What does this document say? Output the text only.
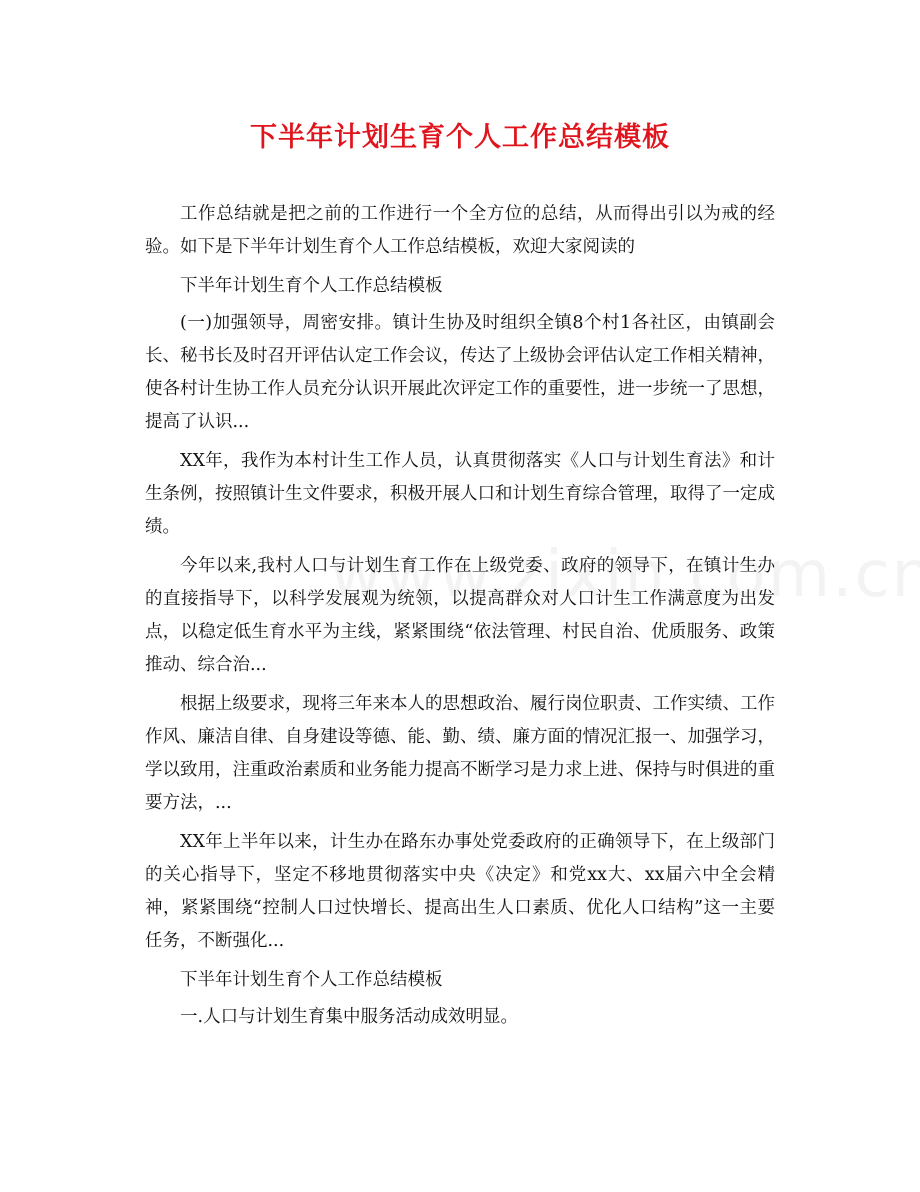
下半年计划生育个人工作总结模板

工作总结就是把之前的工作进行一个全方位的总结，从而得出引以为戒的经验。如下是下半年计划生育个人工作总结模板，欢迎大家阅读的

下半年计划生育个人工作总结模板

(一)加强领导，周密安排。镇计生协及时组织全镇8个村1各社区，由镇副会长、秘书长及时召开评估认定工作会议，传达了上级协会评估认定工作相关精神，使各村计生协工作人员充分认识开展此次评定工作的重要性，进一步统一了思想，提高了认识...

XX年，我作为本村计生工作人员，认真贯彻落实《人口与计划生育法》和计生条例，按照镇计生文件要求，积极开展人口和计划生育综合管理，取得了一定成绩。

今年以来,我村人口与计划生育工作在上级党委、政府的领导下，在镇计生办的直接指导下，以科学发展观为统领，以提高群众对人口计生工作满意度为出发点，以稳定低生育水平为主线，紧紧围绕“依法管理、村民自治、优质服务、政策推动、综合治...

根据上级要求，现将三年来本人的思想政治、履行岗位职责、工作实绩、工作作风、廉洁自律、自身建设等德、能、勤、绩、廉方面的情况汇报一、加强学习，学以致用，注重政治素质和业务能力提高不断学习是力求上进、保持与时俱进的重要方法，...

XX年上半年以来，计生办在路东办事处党委政府的正确领导下，在上级部门的关心指导下，坚定不移地贯彻落实中央《决定》和党xx大、xx届六中全会精神，紧紧围绕“控制人口过快增长、提高出生人口素质、优化人口结构”这一主要任务，不断强化...

下半年计划生育个人工作总结模板

一.人口与计划生育集中服务活动成效明显。
